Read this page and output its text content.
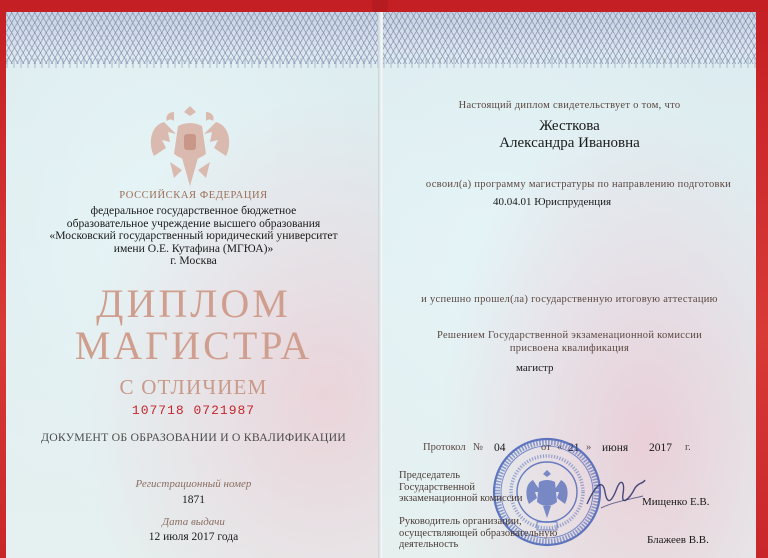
РОССИЙСКАЯ ФЕДЕРАЦИЯ
федеральное государственное бюджетное
образовательное учреждение высшего образования
«Московский государственный юридический университет
имени О.Е. Кутафина (МГЮА)»
г. Москва
ДИПЛОМ
МАГИСТРА
С ОТЛИЧИЕМ
107718 0721987
ДОКУМЕНТ ОБ ОБРАЗОВАНИИ И О КВАЛИФИКАЦИИ
Регистрационный номер
1871
Дата выдачи
12 июля 2017 года
Настоящий диплом свидетельствует о том, что
Жесткова
Александра Ивановна
освоил(а) программу магистратуры по направлению подготовки
40.04.01 Юриспруденция
и успешно прошел(ла) государственную итоговую аттестацию
Решением Государственной экзаменационной комиссии
присвоена квалификация
магистр
Протокол № 04	от « 21 » июня 2017 г.
Председатель
Государственной
экзаменационной комиссии	Мищенко Е.В.
Руководитель организации,
осуществляющей образовательную
деятельность	Блажеев В.В.
